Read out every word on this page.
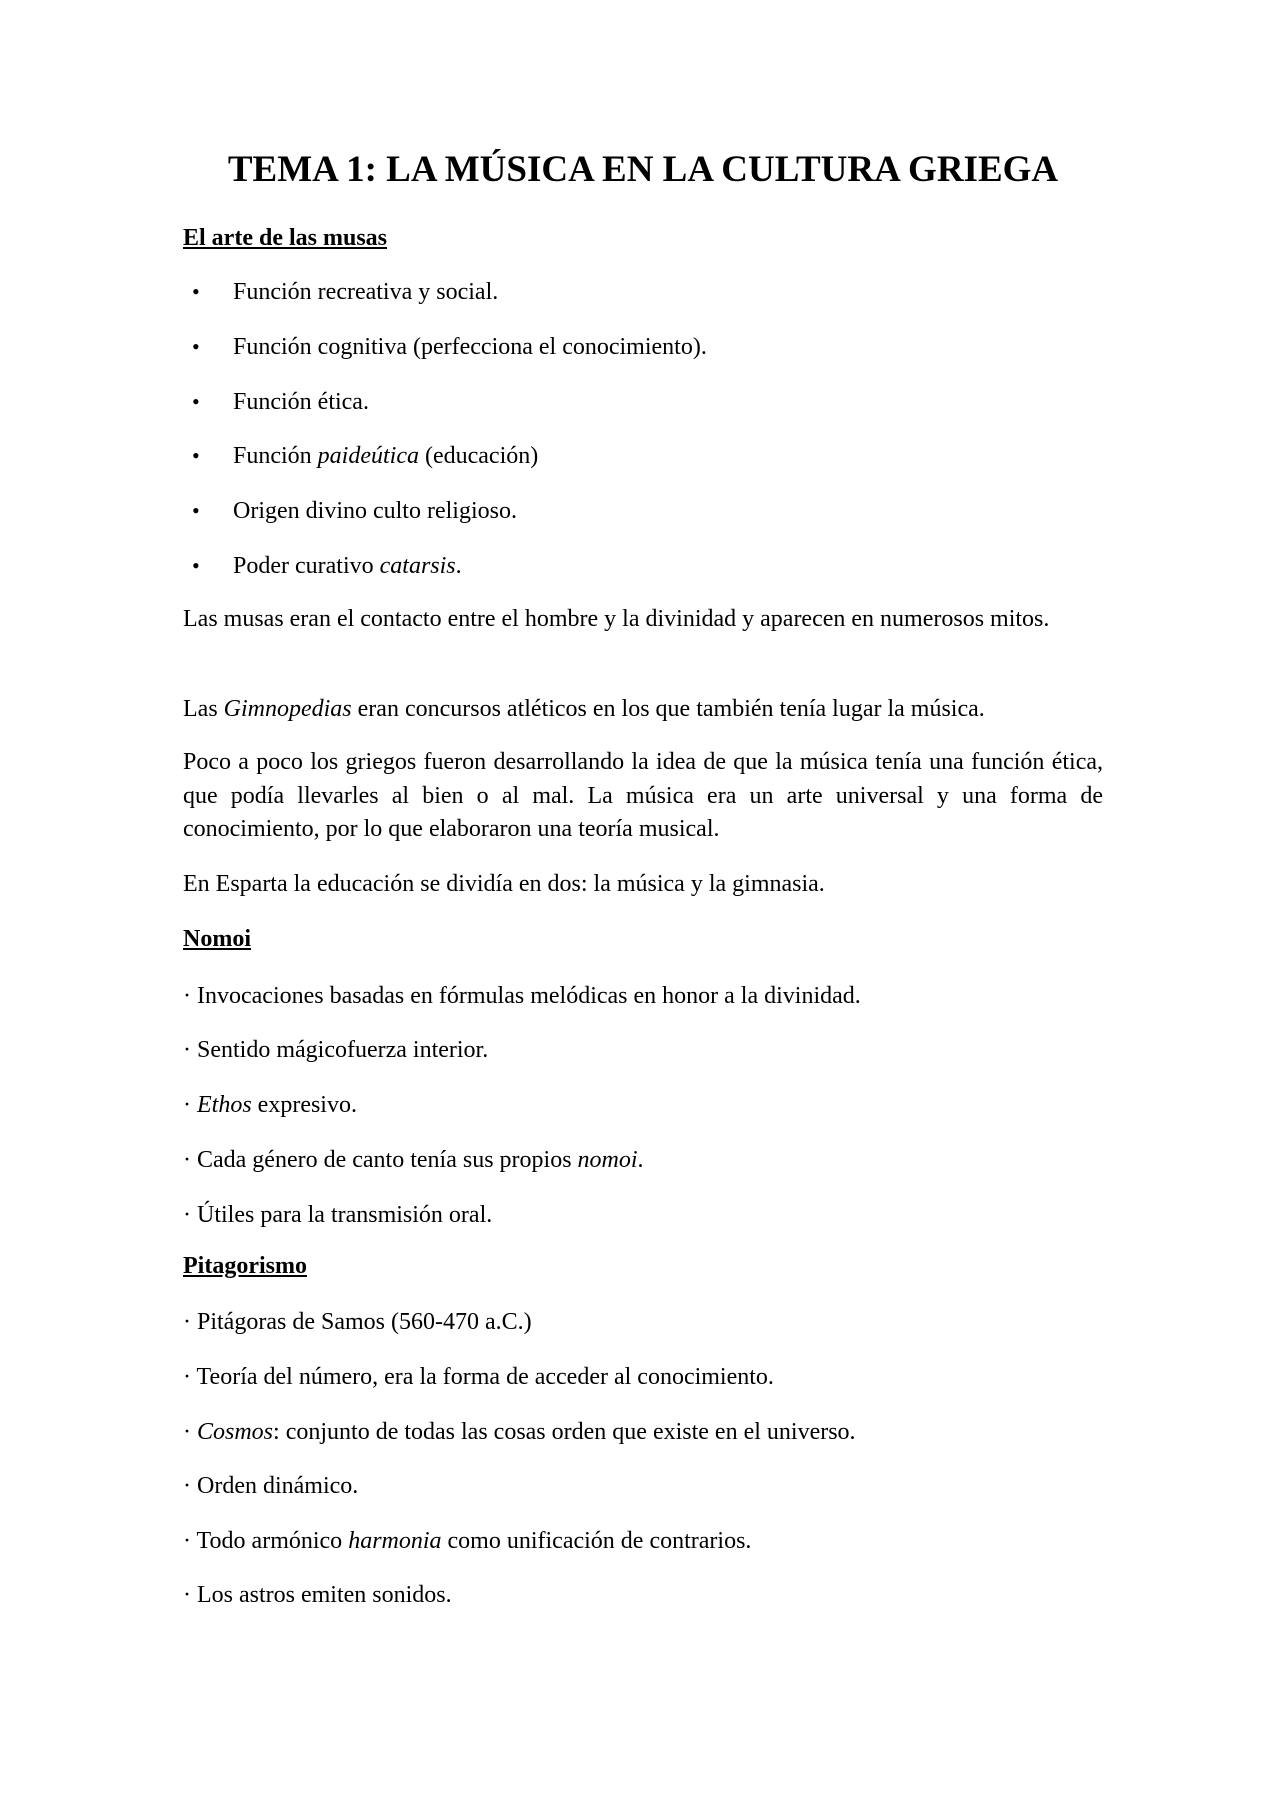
TEMA 1: LA MÚSICA EN LA CULTURA GRIEGA
El arte de las musas
• Función recreativa y social.
• Función cognitiva (perfecciona el conocimiento).
• Función ética.
• Función paideútica (educación)
• Origen divino culto religioso.
• Poder curativo catarsis.
Las musas eran el contacto entre el hombre y la divinidad y aparecen en numerosos mitos.
Las Gimnopedias eran concursos atléticos en los que también tenía lugar la música.
Poco a poco los griegos fueron desarrollando la idea de que la música tenía una función ética, que podía llevarles al bien o al mal. La música era un arte universal y una forma de conocimiento, por lo que elaboraron una teoría musical.
En Esparta la educación se dividía en dos: la música y la gimnasia.
Nomoi
· Invocaciones basadas en fórmulas melódicas en honor a la divinidad.
· Sentido mágicofuerza interior.
· Ethos expresivo.
· Cada género de canto tenía sus propios nomoi.
· Útiles para la transmisión oral.
Pitagorismo
· Pitágoras de Samos (560-470 a.C.)
· Teoría del número, era la forma de acceder al conocimiento.
· Cosmos: conjunto de todas las cosas orden que existe en el universo.
· Orden dinámico.
· Todo armónico harmonia como unificación de contrarios.
· Los astros emiten sonidos.
